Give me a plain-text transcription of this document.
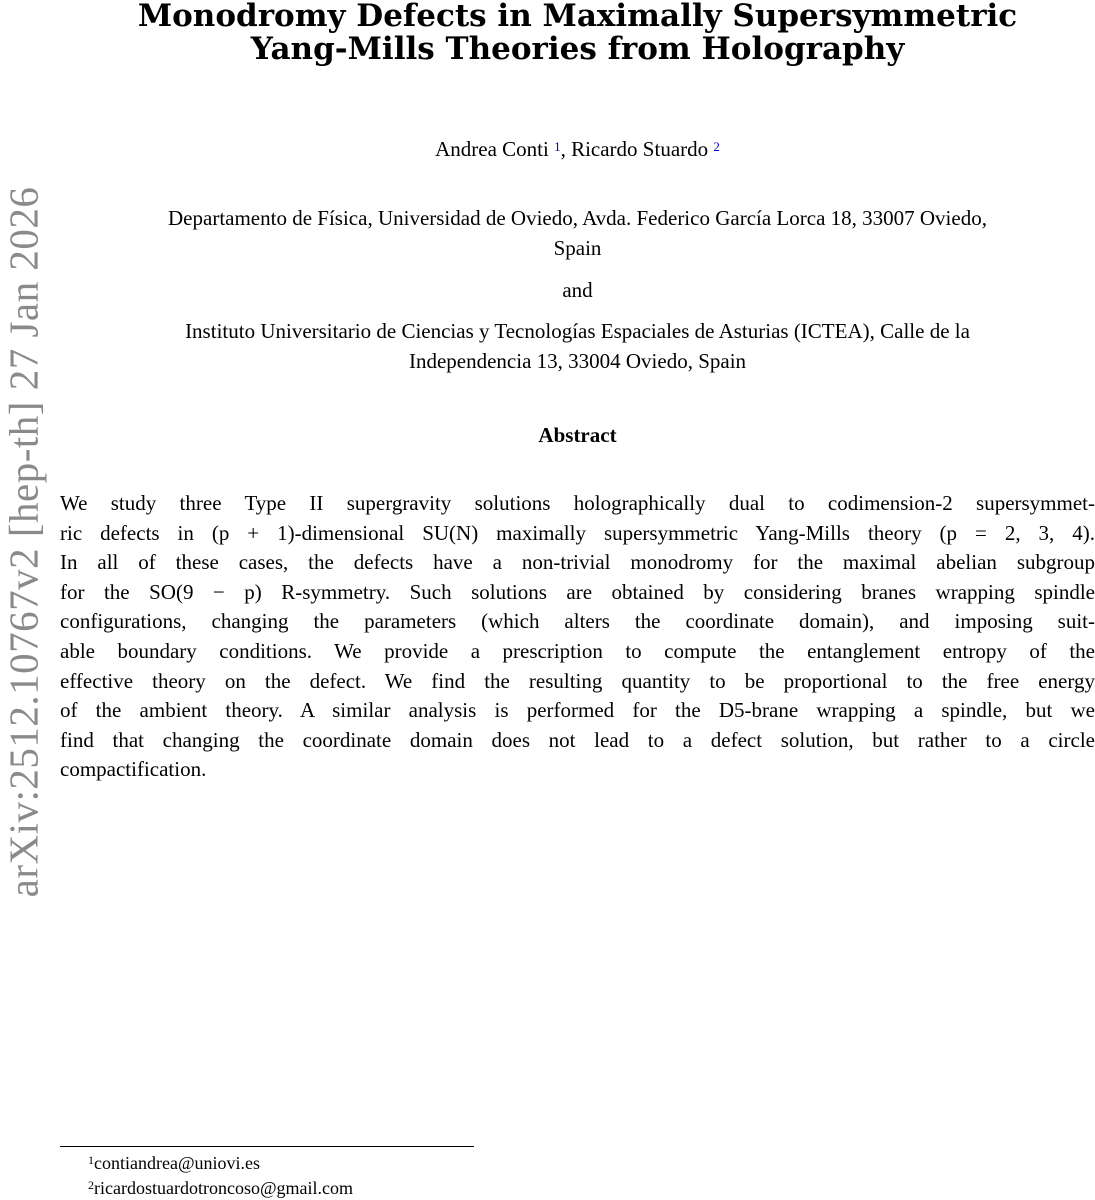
arXiv:2512.10767v2 [hep-th] 27 Jan 2026
Monodromy Defects in Maximally Supersymmetric
Yang-Mills Theories from Holography
Andrea Conti $^1$, Ricardo Stuardo $^2$
Departamento de Física, Universidad de Oviedo, Avda. Federico García Lorca 18, 33007 Oviedo,
Spain
and
Instituto Universitario de Ciencias y Tecnologías Espaciales de Asturias (ICTEA), Calle de la
Independencia 13, 33004 Oviedo, Spain
Abstract
We study three Type II supergravity solutions holographically dual to codimension-2 supersymmet-
ric defects in (p + 1)-dimensional SU(N) maximally supersymmetric Yang-Mills theory (p = 2, 3, 4).
In all of these cases, the defects have a non-trivial monodromy for the maximal abelian subgroup
for the SO(9 − p) R-symmetry. Such solutions are obtained by considering branes wrapping spindle
configurations, changing the parameters (which alters the coordinate domain), and imposing suit-
able boundary conditions. We provide a prescription to compute the entanglement entropy of the
effective theory on the defect. We find the resulting quantity to be proportional to the free energy
of the ambient theory. A similar analysis is performed for the D5-brane wrapping a spindle, but we
find that changing the coordinate domain does not lead to a defect solution, but rather to a circle
compactification.
$^1$contiandrea@uniovi.es
$^2$ricardostuardotroncoso@gmail.com
